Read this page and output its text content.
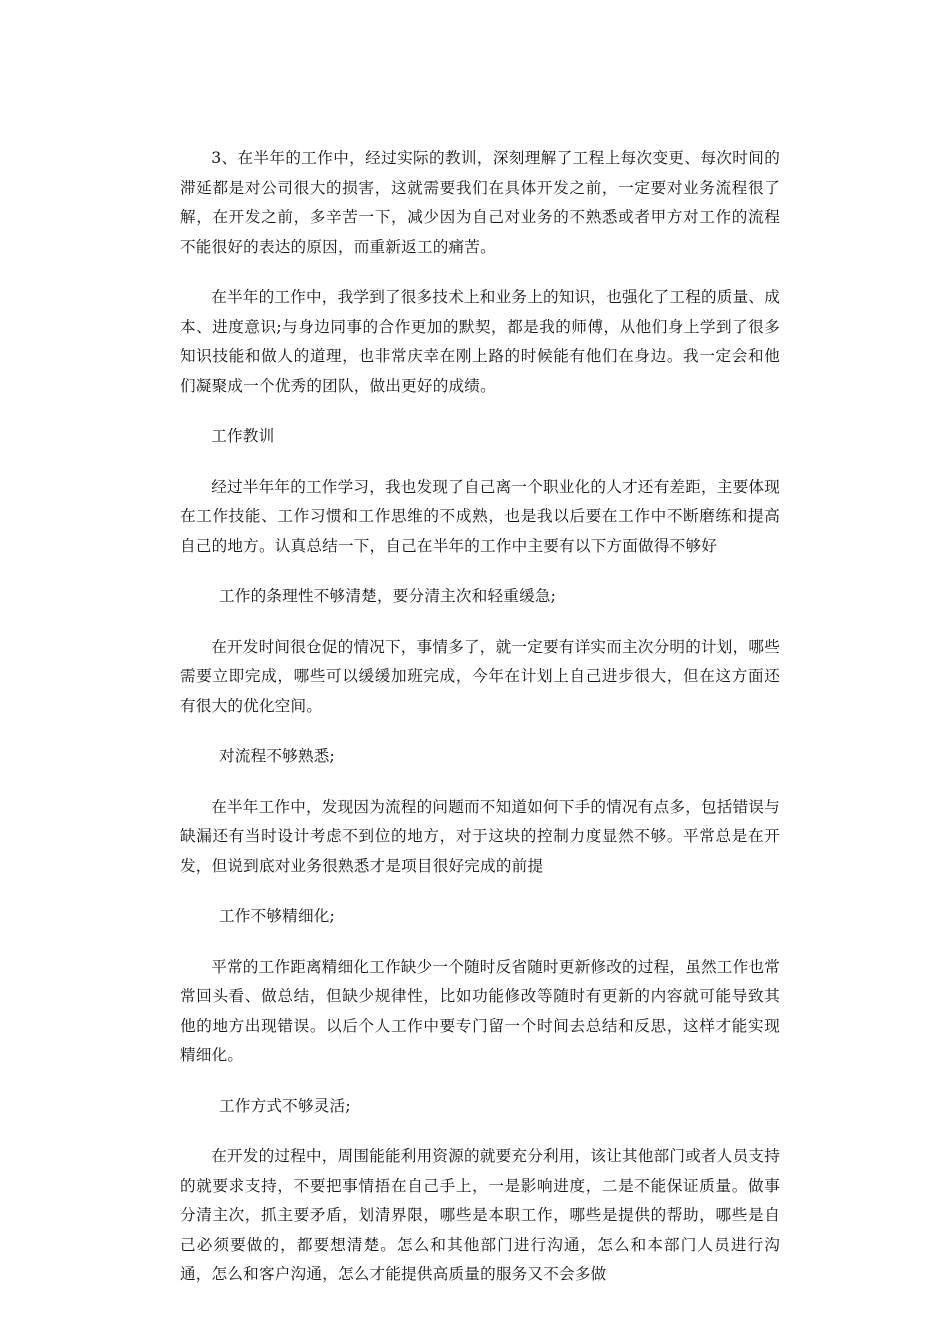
3、在半年的工作中，经过实际的教训，深刻理解了工程上每次变更、每次时间的滞延都是对公司很大的损害，这就需要我们在具体开发之前，一定要对业务流程很了解，在开发之前，多辛苦一下，减少因为自己对业务的不熟悉或者甲方对工作的流程不能很好的表达的原因，而重新返工的痛苦。

在半年的工作中，我学到了很多技术上和业务上的知识，也强化了工程的质量、成本、进度意识;与身边同事的合作更加的默契，都是我的师傅，从他们身上学到了很多知识技能和做人的道理，也非常庆幸在刚上路的时候能有他们在身边。我一定会和他们凝聚成一个优秀的团队，做出更好的成绩。

工作教训

经过半年年的工作学习，我也发现了自己离一个职业化的人才还有差距，主要体现在工作技能、工作习惯和工作思维的不成熟，也是我以后要在工作中不断磨练和提高自己的地方。认真总结一下，自己在半年的工作中主要有以下方面做得不够好

工作的条理性不够清楚，要分清主次和轻重缓急;

在开发时间很仓促的情况下，事情多了，就一定要有详实而主次分明的计划，哪些需要立即完成，哪些可以缓缓加班完成，今年在计划上自己进步很大，但在这方面还有很大的优化空间。

对流程不够熟悉;

在半年工作中，发现因为流程的问题而不知道如何下手的情况有点多，包括错误与缺漏还有当时设计考虑不到位的地方，对于这块的控制力度显然不够。平常总是在开发，但说到底对业务很熟悉才是项目很好完成的前提

工作不够精细化;

平常的工作距离精细化工作缺少一个随时反省随时更新修改的过程，虽然工作也常常回头看、做总结，但缺少规律性，比如功能修改等随时有更新的内容就可能导致其他的地方出现错误。以后个人工作中要专门留一个时间去总结和反思，这样才能实现精细化。

工作方式不够灵活;

在开发的过程中，周围能能利用资源的就要充分利用，该让其他部门或者人员支持的就要求支持，不要把事情捂在自己手上，一是影响进度，二是不能保证质量。做事分清主次，抓主要矛盾，划清界限，哪些是本职工作，哪些是提供的帮助，哪些是自己必须要做的，都要想清楚。怎么和其他部门进行沟通，怎么和本部门人员进行沟通，怎么和客户沟通，怎么才能提供高质量的服务又不会多做
